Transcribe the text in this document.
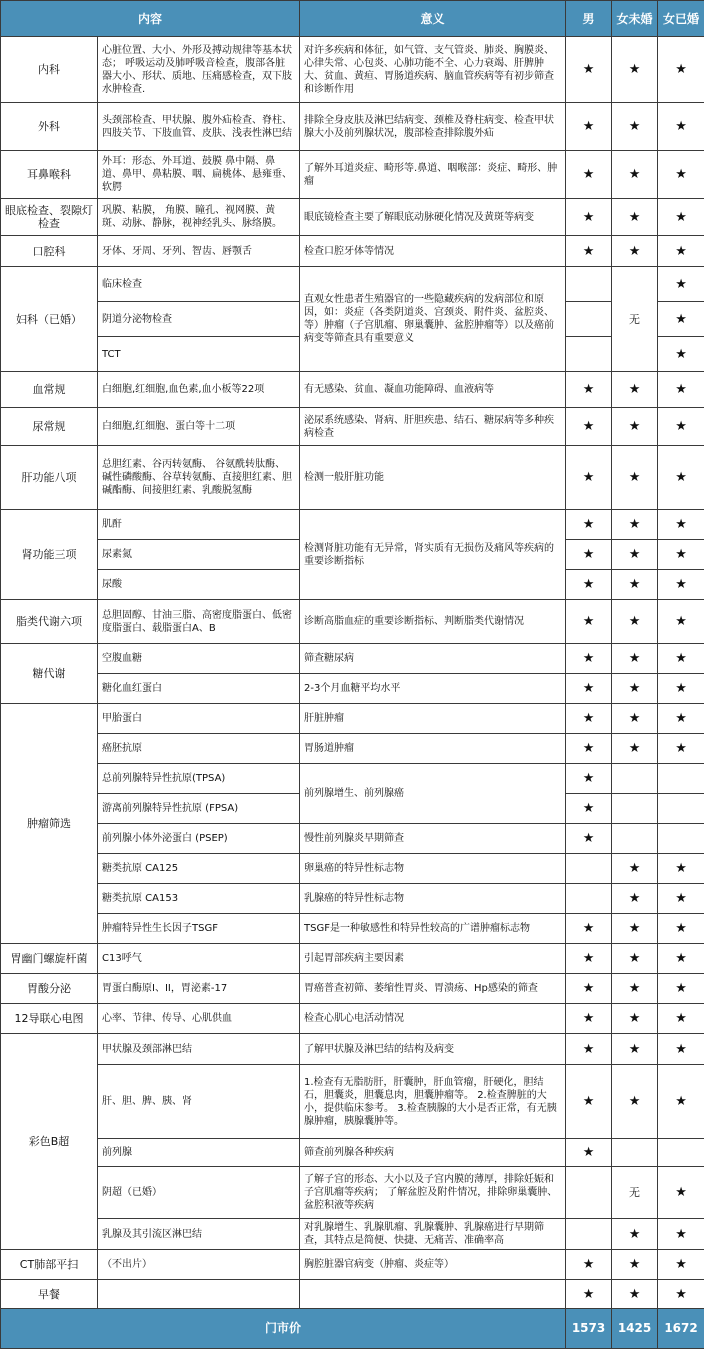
内容		意义	男	女未婚	女已婚
内科	心脏位置、大小、外形及搏动规律等基本状态； 呼吸运动及肺呼吸音检查，腹部各脏器大小、形状、质地、压痛感检查，双下肢水肿检查.	对许多疾病和体征，如气管、支气管炎、肺炎、胸膜炎、心律失常、心包炎、心肺功能不全、心力衰竭、肝脾肿大、贫血、黄疸、胃肠道疾病、脑血管疾病等有初步筛查和诊断作用	★	★	★
外科	头颈部检查、甲状腺、腹外疝检查、脊柱、四肢关节、下肢血管、皮肤、浅表性淋巴结	排除全身皮肤及淋巴结病变、颈椎及脊柱病变、检查甲状腺大小及前列腺状况，腹部检查排除腹外疝	★	★	★
耳鼻喉科	外耳：形态、外耳道、鼓膜 鼻中隔、鼻道、鼻甲、鼻粘膜、咽、扁桃体、悬雍垂、软腭	了解外耳道炎症、畸形等.鼻道、咽喉部：炎症、畸形、肿瘤	★	★	★
眼底检查、裂隙灯检查	巩膜、粘膜， 角膜、瞳孔、视网膜、黄斑、动脉、静脉，视神经乳头、脉络膜。	眼底镜检查主要了解眼底动脉硬化情况及黄斑等病变	★	★	★
口腔科	牙体、牙周、牙列、智齿、唇颚舌	检查口腔牙体等情况	★	★	★
妇科（已婚）	临床检查	直观女性患者生殖器官的一些隐藏疾病的发病部位和原因，如：炎症（各类阴道炎、宫颈炎、附件炎、盆腔炎、等）肿瘤（子宫肌瘤、卵巢囊肿、盆腔肿瘤等）以及癌前病变等筛查具有重要意义		无	★
	阴道分泌物检查				★
	TCT				★
血常规	白细胞,红细胞,血色素,血小板等22项	有无感染、贫血、凝血功能障碍、血液病等	★	★	★
尿常规	白细胞,红细胞、蛋白等十二项	泌尿系统感染、肾病、肝胆疾患、结石、糖尿病等多种疾病检查	★	★	★
肝功能八项	总胆红素、谷丙转氨酶、 谷氨酰转肽酶、碱性磷酸酶、谷草转氨酶、直接胆红素、胆碱酯酶、间接胆红素、乳酸脱氢酶	检测一般肝脏功能	★	★	★
肾功能三项	肌酐	检测肾脏功能有无异常，肾实质有无损伤及痛风等疾病的重要诊断指标	★	★	★
	尿素氮		★	★	★
	尿酸		★	★	★
脂类代谢六项	总胆固醇、甘油三脂、高密度脂蛋白、低密度脂蛋白、载脂蛋白A、B	诊断高脂血症的重要诊断指标、判断脂类代谢情况	★	★	★
糖代谢	空腹血糖	筛查糖尿病	★	★	★
	糖化血红蛋白	2-3个月血糖平均水平	★	★	★
肿瘤筛选	甲胎蛋白	肝脏肿瘤	★	★	★
	癌胚抗原	胃肠道肿瘤	★	★	★
	总前列腺特异性抗原(TPSA)	前列腺增生、前列腺癌	★		
	游离前列腺特异性抗原 (FPSA)		★		
	前列腺小体外泌蛋白 (PSEP)	慢性前列腺炎早期筛查	★		
	糖类抗原 CA125	卵巢癌的特异性标志物		★	★
	糖类抗原 CA153	乳腺癌的特异性标志物		★	★
	肿瘤特异性生长因子TSGF	TSGF是一种敏感性和特异性较高的广谱肿瘤标志物	★	★	★
胃幽门螺旋杆菌	C13呼气	引起胃部疾病主要因素	★	★	★
胃酸分泌	胃蛋白酶原I、II，胃泌素-17	胃癌普查初筛、萎缩性胃炎、胃溃疡、Hp感染的筛查	★	★	★
12导联心电图	心率、节律、传导、心肌供血	检查心肌心电活动情况	★	★	★
彩色B超	甲状腺及颈部淋巴结	了解甲状腺及淋巴结的结构及病变	★	★	★
	肝、胆、脾、胰、肾	1.检查有无脂肪肝，肝囊肿，肝血管瘤，肝硬化，胆结石，胆囊炎，胆囊息肉，胆囊肿瘤等。 2.检查脾脏的大小，提供临床参考。 3.检查胰腺的大小是否正常，有无胰腺肿瘤，胰腺囊肿等。	★	★	★
	前列腺	筛查前列腺各种疾病	★		
	阴超（已婚）	了解子宫的形态、大小以及子宫内膜的薄厚，排除妊娠和子宫肌瘤等疾病； 了解盆腔及附件情况，排除卵巢囊肿、盆腔积液等疾病		无	★
	乳腺及其引流区淋巴结	对乳腺增生、乳腺肌瘤、乳腺囊肿、乳腺癌进行早期筛查，其特点是简便、快捷、无痛苦、准确率高		★	★
CT肺部平扫	（不出片）	胸腔脏器官病变（肿瘤、炎症等）	★	★	★
早餐			★	★	★
门市价			1573	1425	1672
